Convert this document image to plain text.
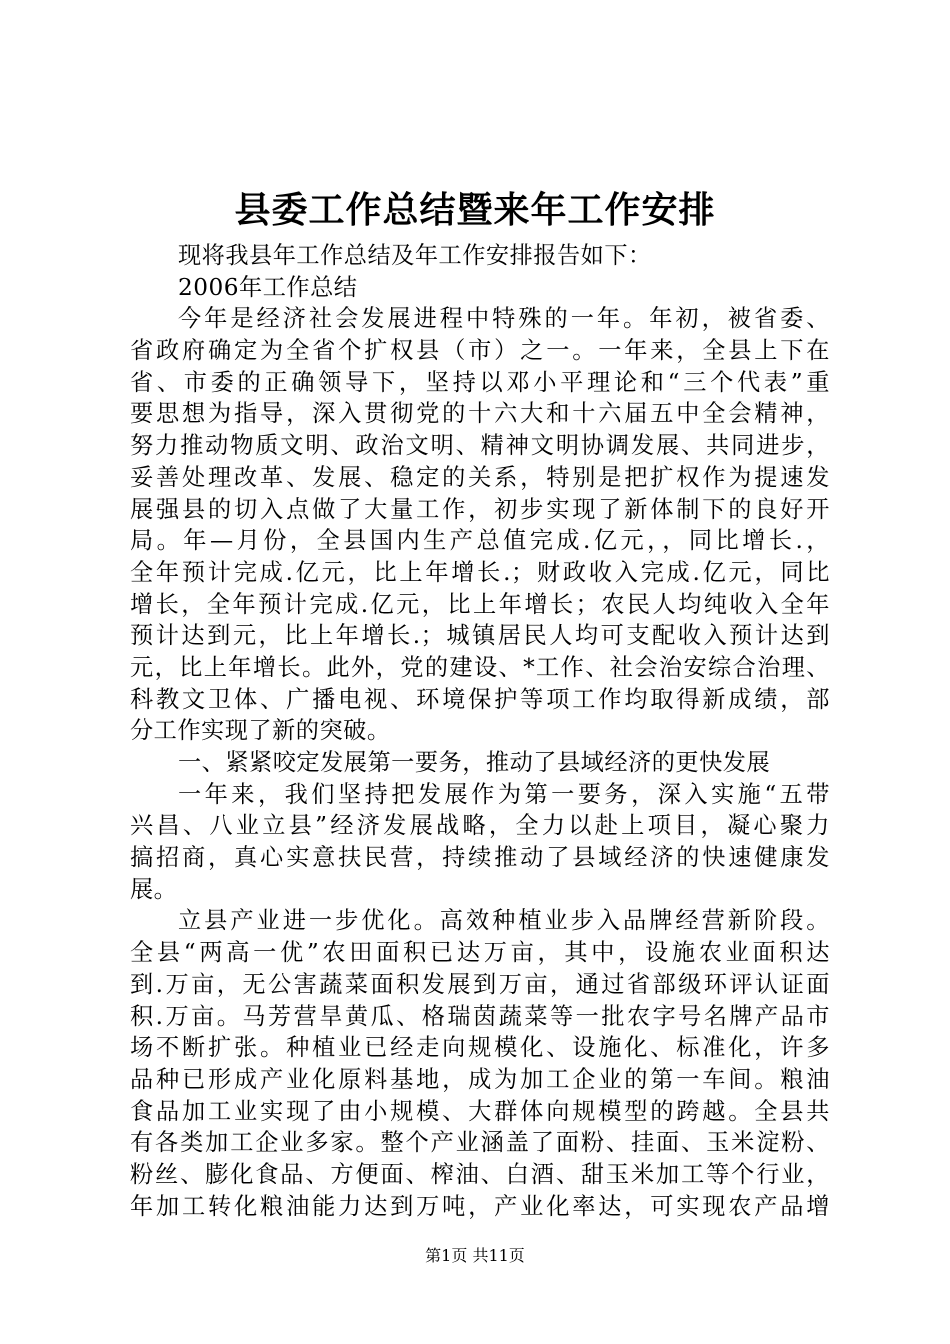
县委工作总结暨来年工作安排
现将我县年工作总结及年工作安排报告如下：
2006年工作总结
今年是经济社会发展进程中特殊的一年。年初，被省委、
省政府确定为全省个扩权县（市）之一。一年来，全县上下在
省、市委的正确领导下，坚持以邓小平理论和“三个代表”重
要思想为指导，深入贯彻党的十六大和十六届五中全会精神，
努力推动物质文明、政治文明、精神文明协调发展、共同进步，
妥善处理改革、发展、稳定的关系，特别是把扩权作为提速发
展强县的切入点做了大量工作，初步实现了新体制下的良好开
局。年—月份，全县国内生产总值完成.亿元，，同比增长.，
全年预计完成.亿元，比上年增长.；财政收入完成.亿元，同比
增长，全年预计完成.亿元，比上年增长；农民人均纯收入全年
预计达到元，比上年增长.；城镇居民人均可支配收入预计达到
元，比上年增长。此外，党的建设、*工作、社会治安综合治理、
科教文卫体、广播电视、环境保护等项工作均取得新成绩，部
分工作实现了新的突破。
一、紧紧咬定发展第一要务，推动了县域经济的更快发展
一年来，我们坚持把发展作为第一要务，深入实施“五带
兴昌、八业立县”经济发展战略，全力以赴上项目，凝心聚力
搞招商，真心实意扶民营，持续推动了县域经济的快速健康发
展。
立县产业进一步优化。高效种植业步入品牌经营新阶段。
全县“两高一优”农田面积已达万亩，其中，设施农业面积达
到.万亩，无公害蔬菜面积发展到万亩，通过省部级环评认证面
积.万亩。马芳营旱黄瓜、格瑞茵蔬菜等一批农字号名牌产品市
场不断扩张。种植业已经走向规模化、设施化、标准化，许多
品种已形成产业化原料基地，成为加工企业的第一车间。粮油
食品加工业实现了由小规模、大群体向规模型的跨越。全县共
有各类加工企业多家。整个产业涵盖了面粉、挂面、玉米淀粉、
粉丝、膨化食品、方便面、榨油、白酒、甜玉米加工等个行业，
年加工转化粮油能力达到万吨，产业化率达，可实现农产品增
第1页 共11页
